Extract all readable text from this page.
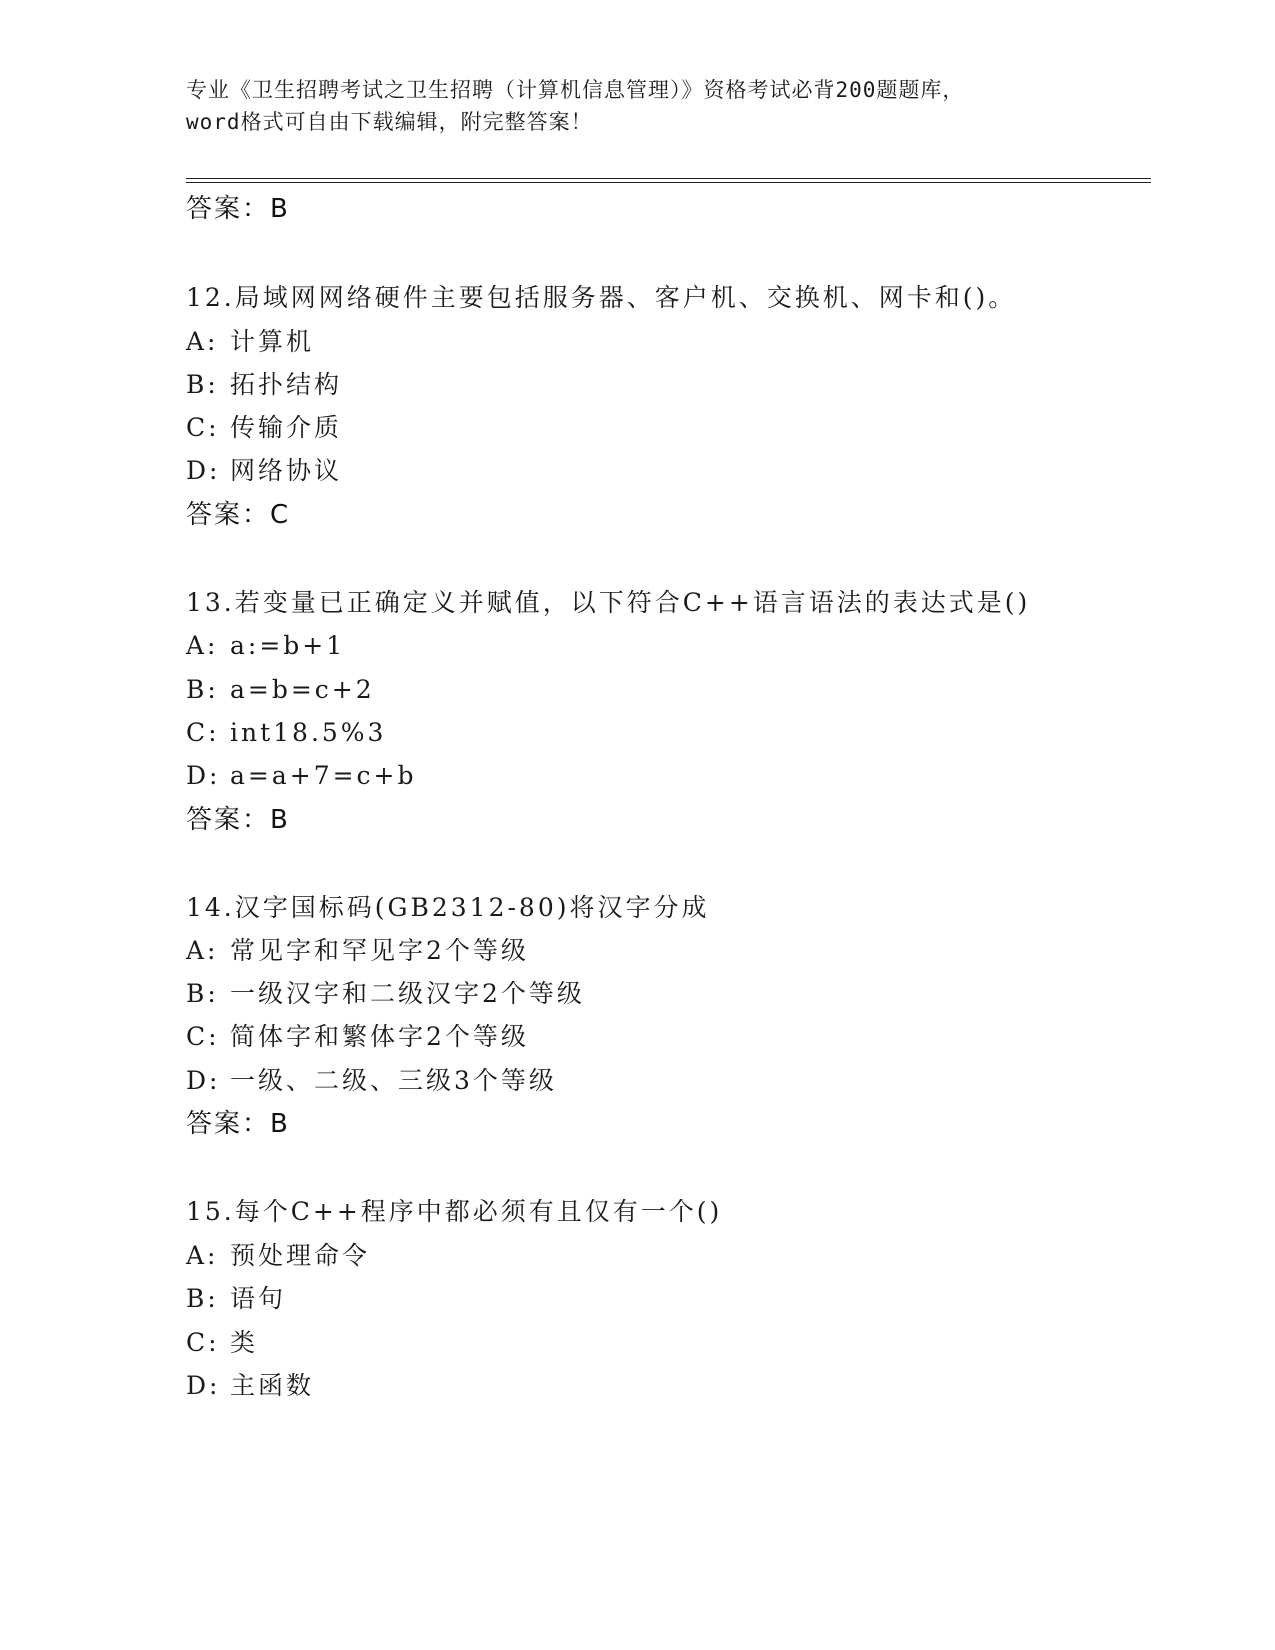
专业《卫生招聘考试之卫生招聘（计算机信息管理）》资格考试必背200题题库，
word格式可自由下载编辑，附完整答案！
答案：B
12.局域网网络硬件主要包括服务器、客户机、交换机、网卡和()。
A: 计算机
B: 拓扑结构
C: 传输介质
D: 网络协议
答案：C
13.若变量已正确定义并赋值，以下符合C++语言语法的表达式是()
A: a:=b+1
B: a=b=c+2
C: int18.5%3
D: a=a+7=c+b
答案：B
14.汉字国标码(GB2312-80)将汉字分成
A: 常见字和罕见字2个等级
B: 一级汉字和二级汉字2个等级
C: 简体字和繁体字2个等级
D: 一级、二级、三级3个等级
答案：B
15.每个C++程序中都必须有且仅有一个()
A: 预处理命令
B: 语句
C: 类
D: 主函数
